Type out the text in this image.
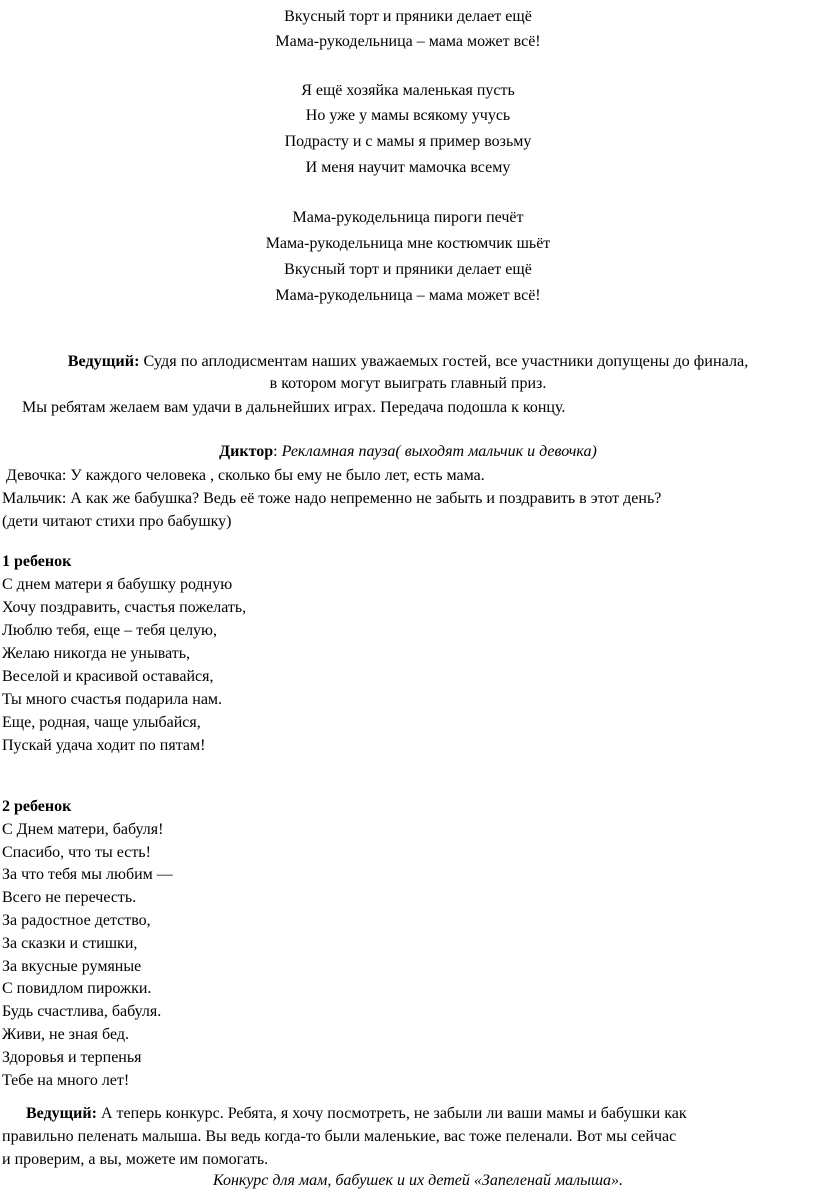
Вкусный торт и пряники делает ещё
Мама-рукодельница – мама может всё!
Я ещё хозяйка маленькая пусть
Но уже у мамы всякому учусь
Подрасту и с мамы я пример возьму
И меня научит мамочка всему
Мама-рукодельница пироги печёт
Мама-рукодельница мне костюмчик шьёт
Вкусный торт и пряники делает ещё
Мама-рукодельница – мама может всё!
Ведущий: Судя по аплодисментам наших уважаемых гостей, все участники допущены до финала,
в котором могут выиграть главный приз.
Мы ребятам желаем вам удачи в дальнейших играх. Передача подошла к концу.
Диктор: Рекламная пауза( выходят мальчик и девочка)
Девочка: У каждого человека , сколько бы ему не было лет, есть мама.
Мальчик: А как же бабушка? Ведь её тоже надо непременно не забыть и поздравить в этот день?
(дети читают стихи про бабушку)
1 ребенок
С днем матери я бабушку родную
Хочу поздравить, счастья пожелать,
Люблю тебя, еще – тебя целую,
Желаю никогда не унывать,
Веселой и красивой оставайся,
Ты много счастья подарила нам.
Еще, родная, чаще улыбайся,
Пускай удача ходит по пятам!
2 ребенок
С Днем матери, бабуля!
Спасибо, что ты есть!
За что тебя мы любим —
Всего не перечесть.
За радостное детство,
За сказки и стишки,
За вкусные румяные
С повидлом пирожки.
Будь счастлива, бабуля.
Живи, не зная бед.
Здоровья и терпенья
Тебе на много лет!
Ведущий: А теперь конкурс. Ребята, я хочу посмотреть, не забыли ли ваши мамы и бабушки как
правильно пеленать малыша. Вы ведь когда-то были маленькие, вас тоже пеленали. Вот мы сейчас
и проверим, а вы, можете им помогать.
Конкурс для мам, бабушек и их детей «Запеленай малыша».
